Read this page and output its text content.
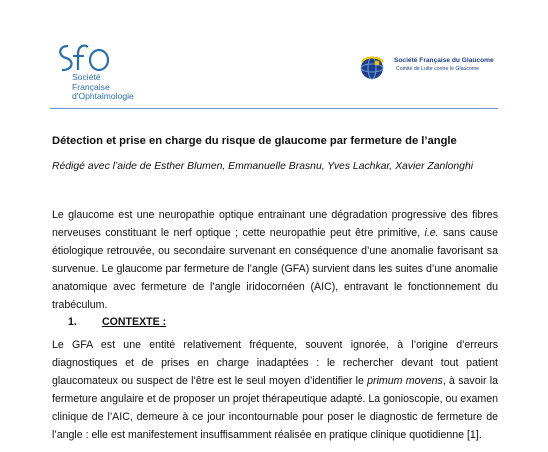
Société
Française
d'Ophtalmologie
Société Française du Glaucome
Comité de Lutte contre le Glaucome
Détection et prise en charge du risque de glaucome par fermeture de l’angle
Rédigé avec l’aide de Esther Blumen, Emmanuelle Brasnu, Yves Lachkar, Xavier Zanlonghi
Le glaucome est une neuropathie optique entrainant une dégradation progressive des fibres nerveuses constituant le nerf optique ; cette neuropathie peut être primitive, i.e. sans cause étiologique retrouvée, ou secondaire survenant en conséquence d’une anomalie favorisant sa survenue. Le glaucome par fermeture de l’angle (GFA) survient dans les suites d’une anomalie anatomique avec fermeture de l’angle iridocornéen (AIC), entravant le fonctionnement du trabéculum.
1. CONTEXTE :
Le GFA est une entité relativement fréquente, souvent ignorée, à l’origine d’erreurs diagnostiques et de prises en charge inadaptées : le rechercher devant tout patient glaucomateux ou suspect de l’être est le seul moyen d’identifier le primum movens, à savoir la fermeture angulaire et de proposer un projet thérapeutique adapté. La gonioscopie, ou examen clinique de l’AIC, demeure à ce jour incontournable pour poser le diagnostic de fermeture de l’angle : elle est manifestement insuffisamment réalisée en pratique clinique quotidienne [1].
